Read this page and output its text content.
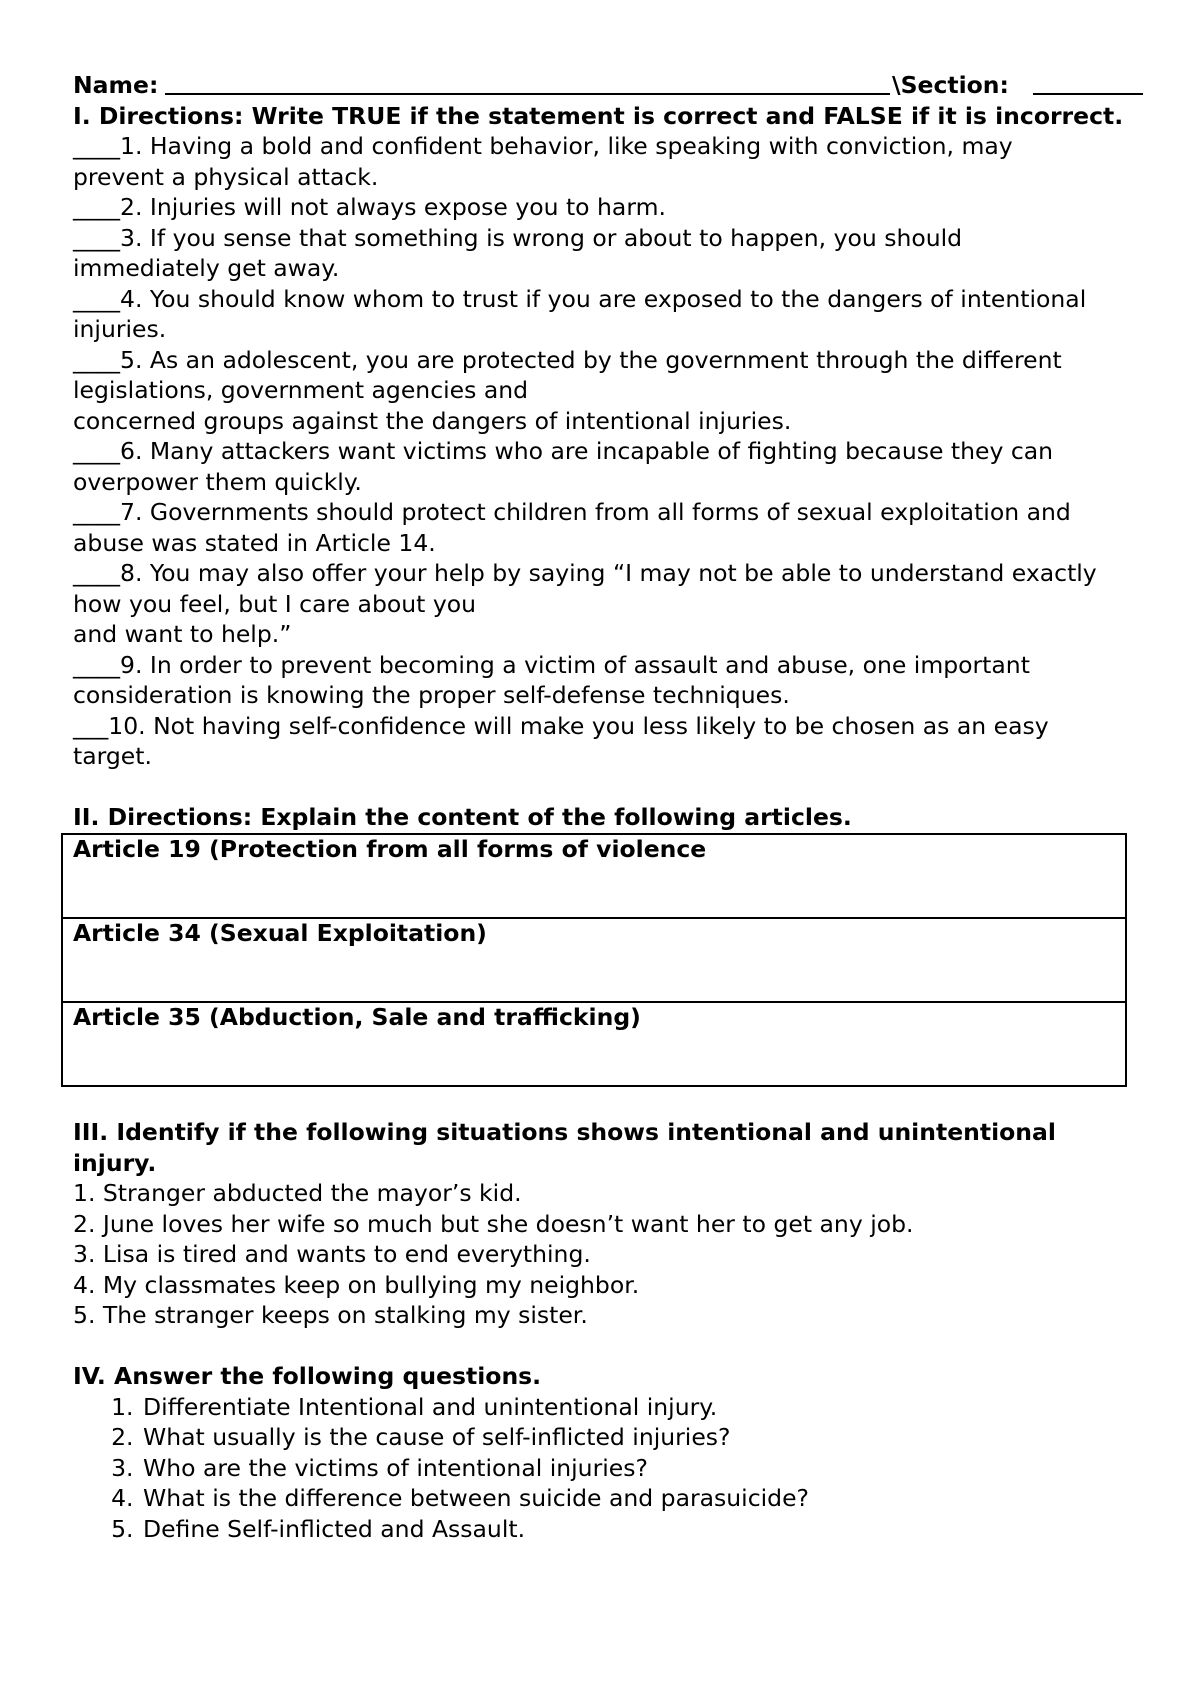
Name:	\Section:

I. Directions: Write TRUE if the statement is correct and FALSE if it is incorrect.

____1. Having a bold and confident behavior, like speaking with conviction, may

prevent a physical attack.

____2. Injuries will not always expose you to harm.

____3. If you sense that something is wrong or about to happen, you should

immediately get away.

____4. You should know whom to trust if you are exposed to the dangers of intentional

injuries.

____5. As an adolescent, you are protected by the government through the different

legislations, government agencies and

concerned groups against the dangers of intentional injuries.

____6. Many attackers want victims who are incapable of fighting because they can

overpower them quickly.

____7. Governments should protect children from all forms of sexual exploitation and

abuse was stated in Article 14.

____8. You may also offer your help by saying “I may not be able to understand exactly

how you feel, but I care about you

and want to help.”

____9. In order to prevent becoming a victim of assault and abuse, one important

consideration is knowing the proper self-defense techniques.

___10. Not having self-confidence will make you less likely to be chosen as an easy

target.

II. Directions: Explain the content of the following articles.

Article 19 (Protection from all forms of violence
Article 34 (Sexual Exploitation)
Article 35 (Abduction, Sale and trafficking)

III. Identify if the following situations shows intentional and unintentional injury.

1. Stranger abducted the mayor’s kid.

2. June loves her wife so much but she doesn’t want her to get any job.

3. Lisa is tired and wants to end everything.

4. My classmates keep on bullying my neighbor.

5. The stranger keeps on stalking my sister.

IV. Answer the following questions.

1. Differentiate Intentional and unintentional injury.
2. What usually is the cause of self-inflicted injuries?
3. Who are the victims of intentional injuries?
4. What is the difference between suicide and parasuicide?
5. Define Self-inflicted and Assault.
